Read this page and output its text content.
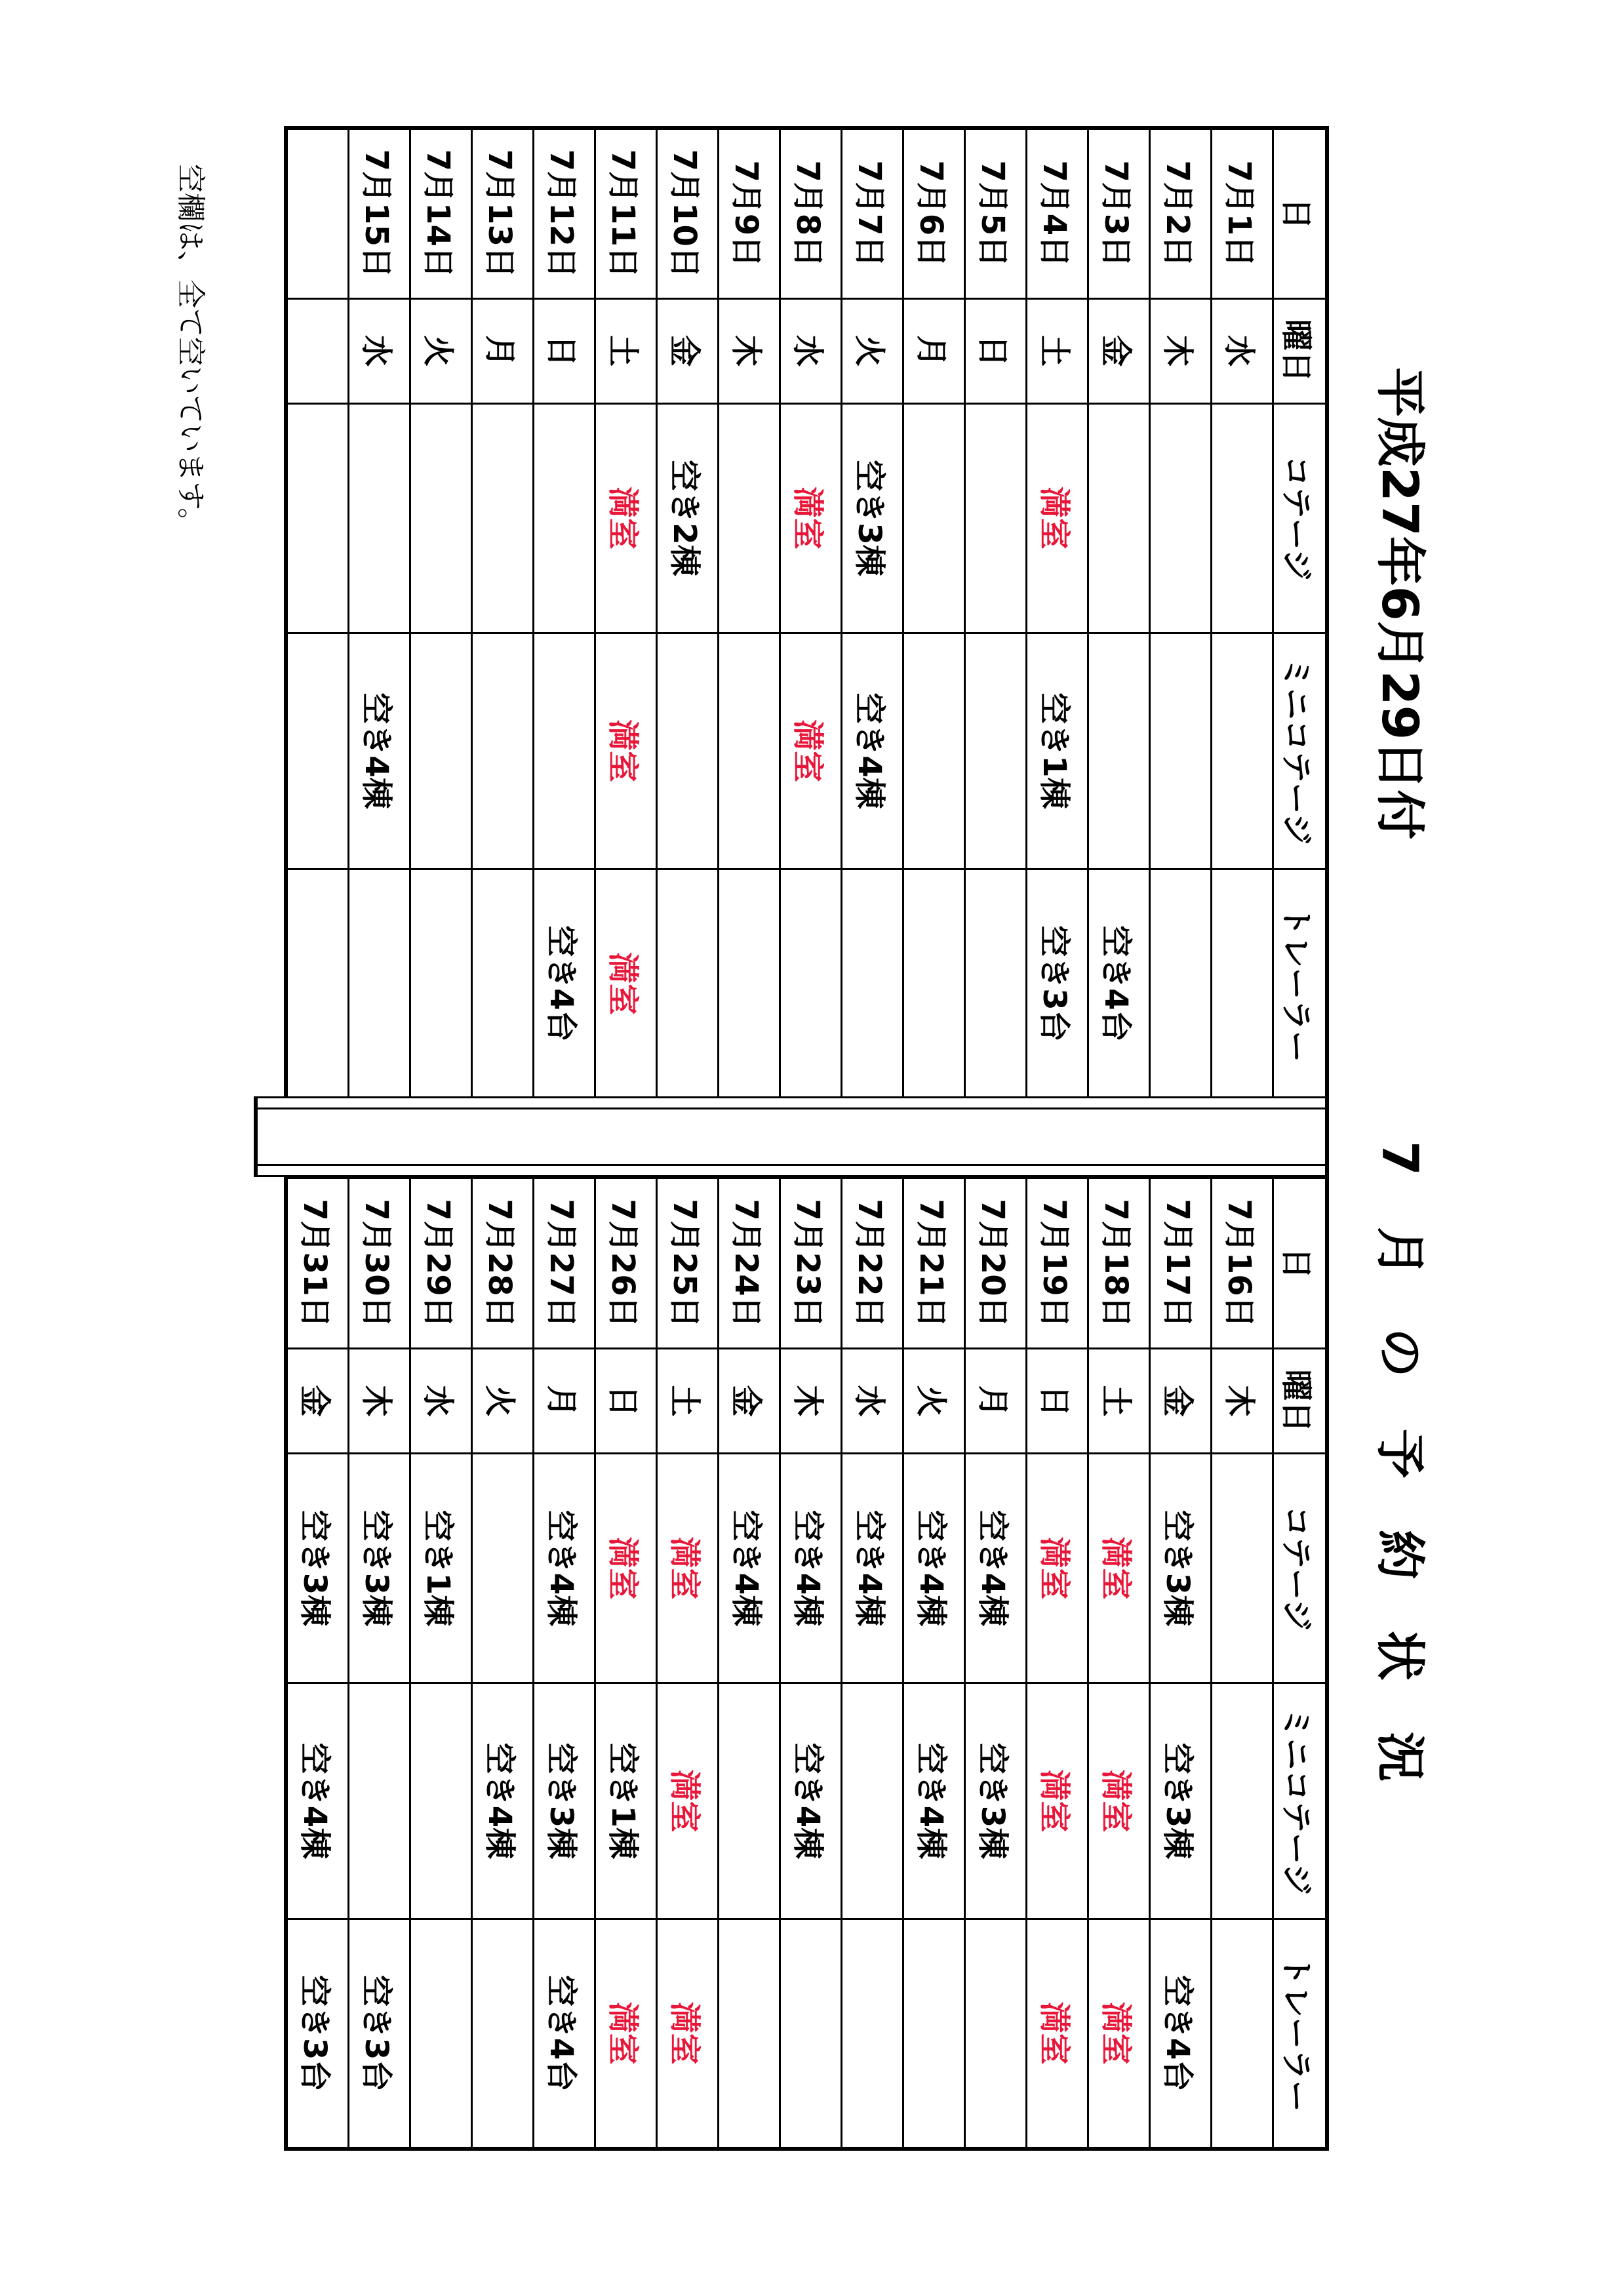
平成27年6月29日付
7月の予約状況
日	曜日	コテージ	ミニコテージ	トレーラー
7月1日	水			
7月2日	木			
7月3日	金			空き4台
7月4日	土	満室	空き1棟	空き3台
7月5日	日			
7月6日	月			
7月7日	火	空き3棟	空き4棟	
7月8日	水	満室	満室	
7月9日	木			
7月10日	金	空き2棟		
7月11日	土	満室	満室	満室
7月12日	日			空き4台
7月13日	月			
7月14日	火			
7月15日	水		空き4棟	

日	曜日	コテージ	ミニコテージ	トレーラー
7月16日	木			
7月17日	金	空き3棟	空き3棟	空き4台
7月18日	土	満室	満室	満室
7月19日	日	満室	満室	満室
7月20日	月	空き4棟	空き3棟	
7月21日	火	空き4棟	空き4棟	
7月22日	水	空き4棟		
7月23日	木	空き4棟	空き4棟	
7月24日	金	空き4棟		
7月25日	土	満室	満室	満室
7月26日	日	満室	空き1棟	満室
7月27日	月	空き4棟	空き3棟	空き4台
7月28日	火		空き4棟	
7月29日	水	空き1棟		
7月30日	木	空き3棟		空き3台
7月31日	金	空き3棟	空き4棟	空き3台
空欄は、全て空いています。
